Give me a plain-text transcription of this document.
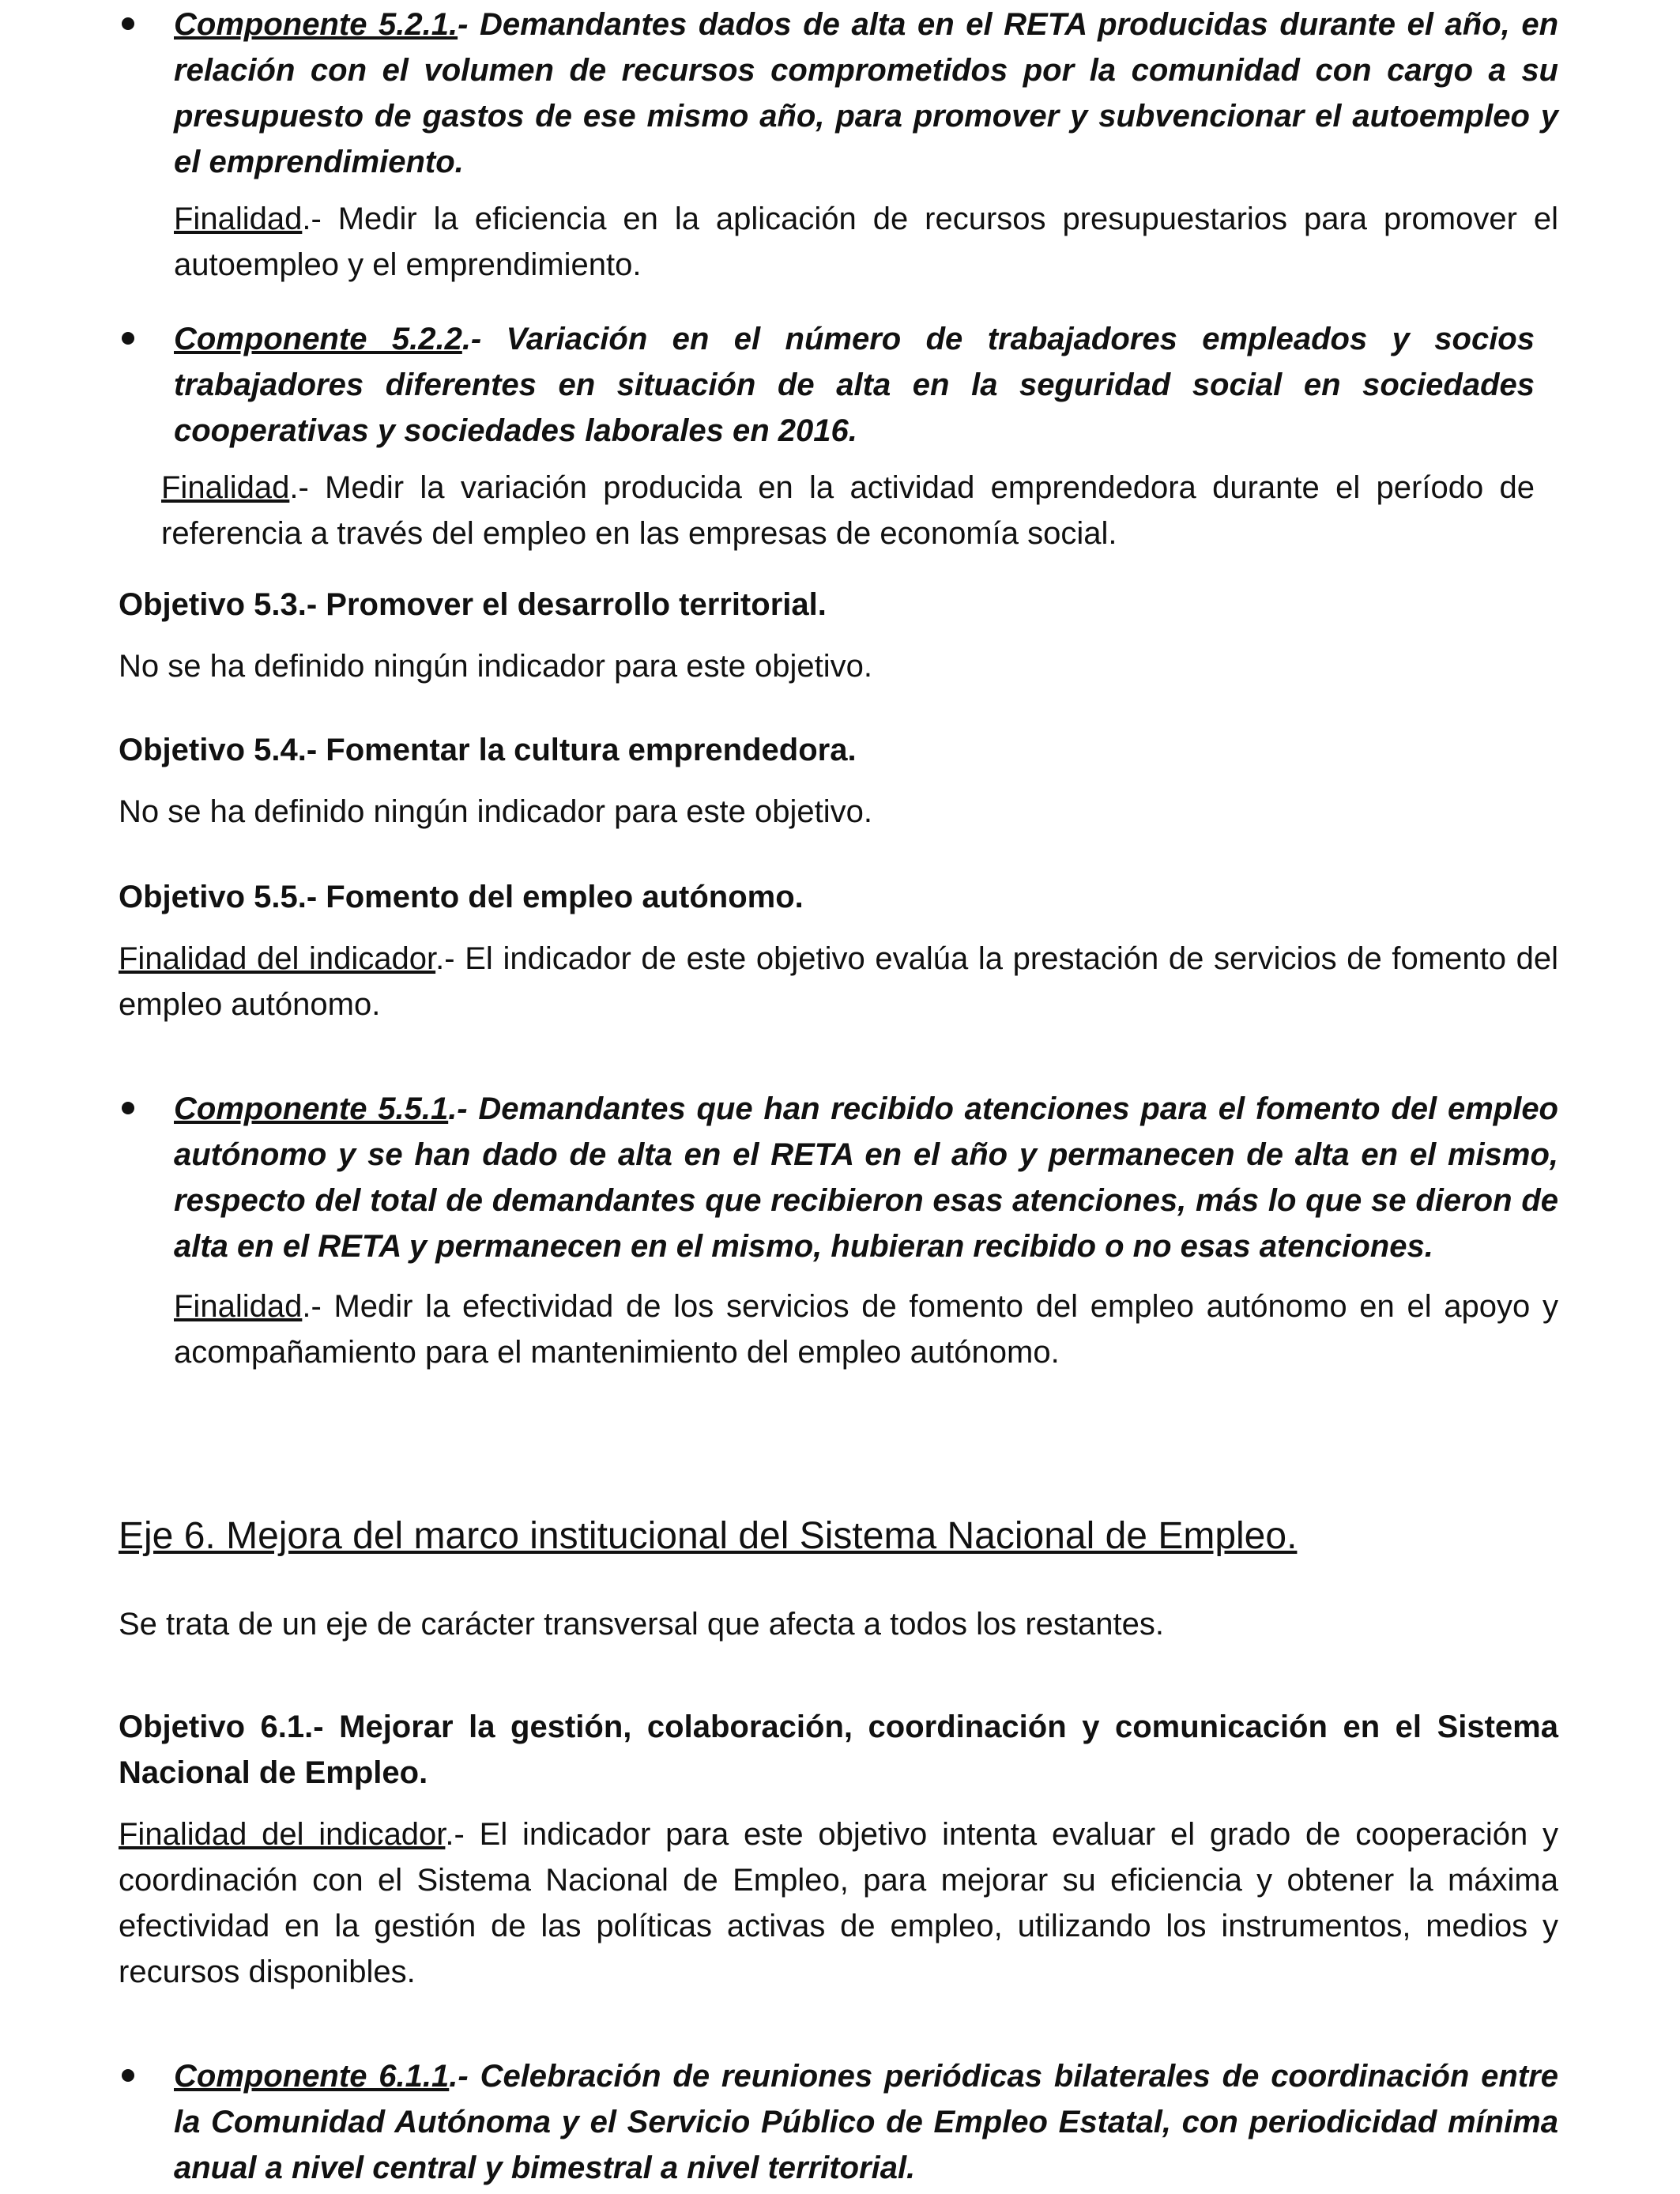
Componente 5.2.1.- Demandantes dados de alta en el RETA producidas durante el año, en relación con el volumen de recursos comprometidos por la comunidad con cargo a su presupuesto de gastos de ese mismo año, para promover y subvencionar el autoempleo y el emprendimiento.

Finalidad.- Medir la eficiencia en la aplicación de recursos presupuestarios para promover el autoempleo y el emprendimiento.

Componente 5.2.2.- Variación en el número de trabajadores empleados y socios trabajadores diferentes en situación de alta en la seguridad social en sociedades cooperativas y sociedades laborales en 2016.

Finalidad.- Medir la variación producida en la actividad emprendedora durante el período de referencia a través del empleo en las empresas de economía social.

Objetivo 5.3.- Promover el desarrollo territorial.

No se ha definido ningún indicador para este objetivo.

Objetivo 5.4.- Fomentar la cultura emprendedora.

No se ha definido ningún indicador para este objetivo.

Objetivo 5.5.- Fomento del empleo autónomo.

Finalidad del indicador.- El indicador de este objetivo evalúa la prestación de servicios de fomento del empleo autónomo.

Componente 5.5.1.- Demandantes que han recibido atenciones para el fomento del empleo autónomo y se han dado de alta en el RETA en el año y permanecen de alta en el mismo, respecto del total de demandantes que recibieron esas atenciones, más lo que se dieron de alta en el RETA y permanecen en el mismo, hubieran recibido o no esas atenciones.

Finalidad.- Medir la efectividad de los servicios de fomento del empleo autónomo en el apoyo y acompañamiento para el mantenimiento del empleo autónomo.

Eje 6. Mejora del marco institucional del Sistema Nacional de Empleo.

Se trata de un eje de carácter transversal que afecta a todos los restantes.

Objetivo 6.1.- Mejorar la gestión, colaboración, coordinación y comunicación en el Sistema Nacional de Empleo.

Finalidad del indicador.- El indicador para este objetivo intenta evaluar el grado de cooperación y coordinación con el Sistema Nacional de Empleo, para mejorar su eficiencia y obtener la máxima efectividad en la gestión de las políticas activas de empleo, utilizando los instrumentos, medios y recursos disponibles.

Componente 6.1.1.- Celebración de reuniones periódicas bilaterales de coordinación entre la Comunidad Autónoma y el Servicio Público de Empleo Estatal, con periodicidad mínima anual a nivel central y bimestral a nivel territorial.
